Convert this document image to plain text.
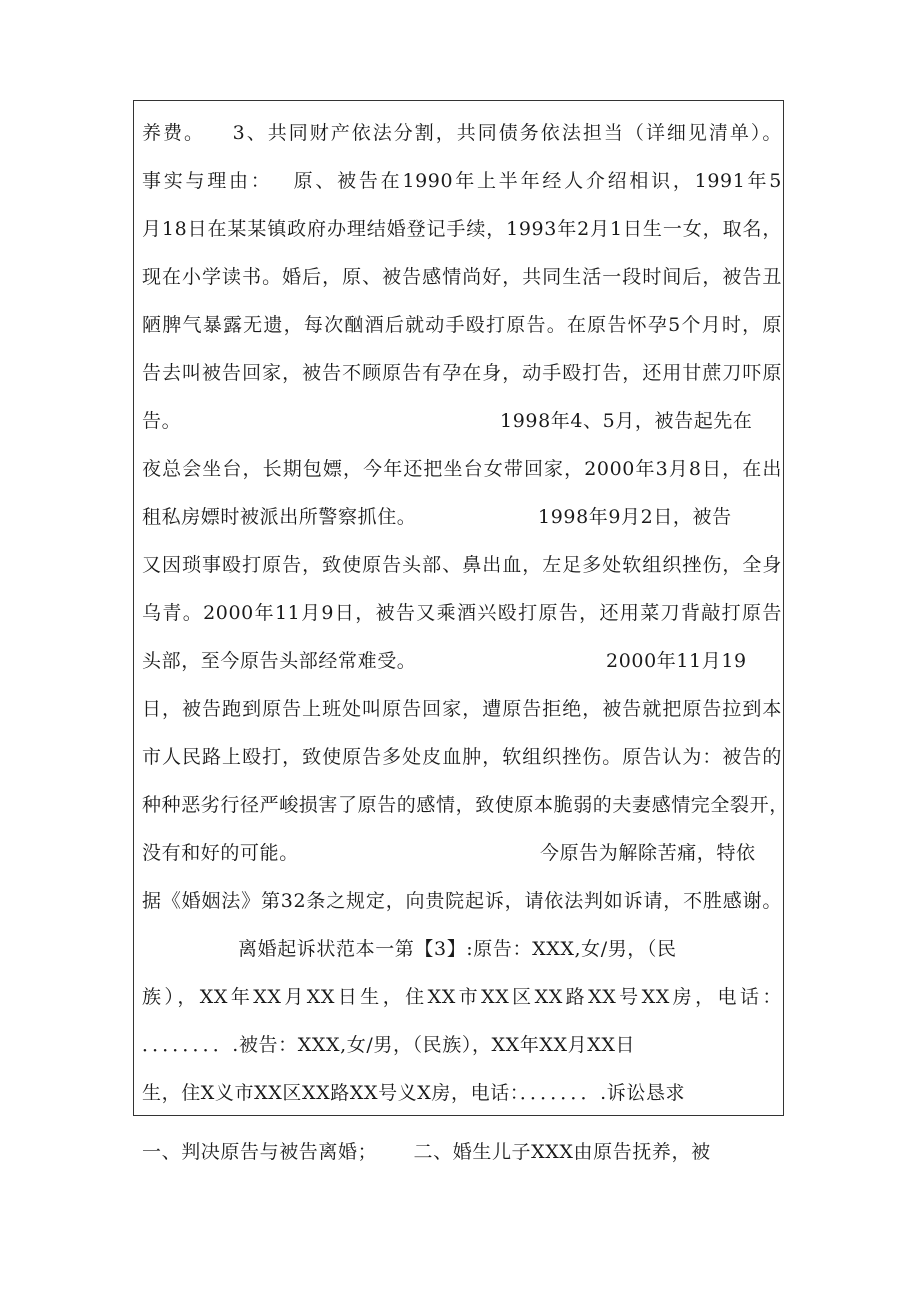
养费。　  3、共同财产依法分割，共同债务依法担当（详细见清单）。
事实与理由：　 原、被告在1990年上半年经人介绍相识，1991年5
月18日在某某镇政府办理结婚登记手续，1993年2月1日生一女，取名，
现在小学读书。婚后，原、被告感情尚好，共同生活一段时间后，被告丑
陋脾气暴露无遗，每次酗酒后就动手殴打原告。在原告怀孕5个月时，原
告去叫被告回家，被告不顾原告有孕在身，动手殴打告，还用甘蔗刀吓原
告。	1998年4、5月，被告起先在
夜总会坐台，长期包嫖，今年还把坐台女带回家，2000年3月8日，在出
租私房嫖时被派出所警察抓住。	1998年9月2日，被告
又因琐事殴打原告，致使原告头部、鼻出血，左足多处软组织挫伤，全身
乌青。2000年11月9日，被告又乘酒兴殴打原告，还用菜刀背敲打原告
头部，至今原告头部经常难受。	2000年11月19
日，被告跑到原告上班处叫原告回家，遭原告拒绝，被告就把原告拉到本
市人民路上殴打，致使原告多处皮血肿，软组织挫伤。原告认为：被告的
种种恶劣行径严峻损害了原告的感情，致使原本脆弱的夫妻感情完全裂开，
没有和好的可能。	今原告为解除苦痛，特依
据《婚姻法》第32条之规定，向贵院起诉，请依法判如诉请，不胜感谢。
离婚起诉状范本一第【3】:原告：XXX,女/男，（民
族），XX年XX月XX日生，住XX市XX区XX路XX号XX房，电话：
．．．．．．．．.被告：XXX,女/男，（民族），XX年XX月XX日
生，住X义市XX区XX路XX号义X房，电话：．．．．．．．.诉讼恳求
一、判决原告与被告离婚；　　 二、婚生儿子XXX由原告抚养，被
